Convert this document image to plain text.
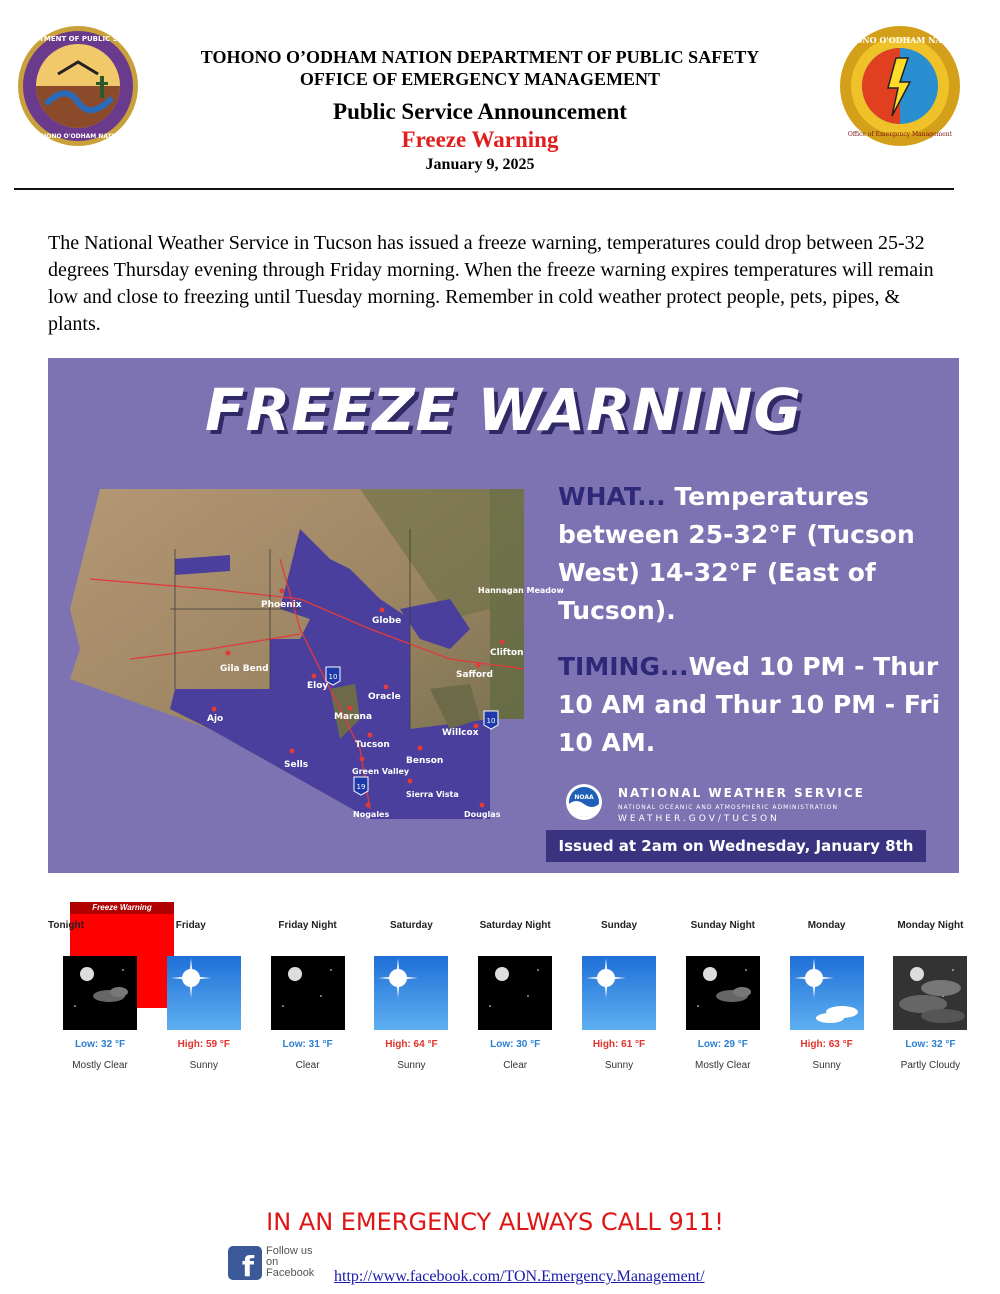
DEPARTMENT OF PUBLIC SAFETY
TOHONO O'ODHAM NATION
TOHONO O'ODHAM NATION
Office of Emergency Management
TOHONO O’ODHAM NATION DEPARTMENT OF PUBLIC SAFETY
OFFICE OF EMERGENCY MANAGEMENT
Public Service Announcement
Freeze Warning
January 9, 2025
The National Weather Service in Tucson has issued a freeze warning, temperatures could drop between 25-32 degrees Thursday evening through Friday morning. When the freeze warning expires temperatures will remain low and close to freezing until Tuesday morning. Remember in cold weather protect people, pets, pipes, & plants.
FREEZE WARNING
Phoenix
Globe
Hannagan Meadow
Clifton
Safford
Gila Bend
Eloy
Oracle
Ajo	Marana
Willcox
Tucson
Benson
Sells
Green Valley
Sierra Vista
Nogales	Douglas
10
10
19

WHAT... Temperatures between 25-32°F (Tucson West) 14-32°F (East of Tucson).

TIMING...Wed 10 PM - Thur 10 AM and Thur 10 PM - Fri 10 AM.

NOAA NATIONAL WEATHER SERVICE
NATIONAL OCEANIC AND ATMOSPHERIC ADMINISTRATION
WEATHER.GOV/TUCSON
Issued at 2am on Wednesday, January 8th
Freeze Warning
Tonight
Low: 32 °F
Mostly Clear
Friday
High: 59 °F
Sunny
Friday Night
Low: 31 °F
Clear
Saturday
High: 64 °F
Sunny
Saturday Night
Low: 30 °F
Clear
Sunday
High: 61 °F
Sunny
Sunday Night
Low: 29 °F
Mostly Clear
Monday
High: 63 °F
Sunny
Monday Night
Low: 32 °F
Partly Cloudy
IN AN EMERGENCY ALWAYS CALL 911!
f Follow us on Facebook	http://www.facebook.com/TON.Emergency.Management/
